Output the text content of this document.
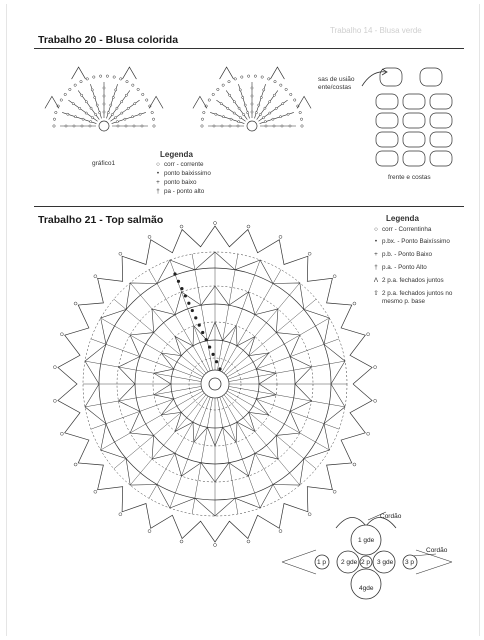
Trabalho 14 - Blusa verde
Trabalho 20 - Blusa colorida
gráfico1
sas de usião ente/costas
frente e costas
Legenda
○ corr - corrente
• ponto baixissimo
+ ponto baixo
† pa - ponto alto
Trabalho 21 - Top salmão	Legenda
○ corr - Correntinha
• p.bx. - Ponto Baixíssimo
+ p.b. - Ponto Baixo
† p.a. - Ponto Alto
Ʌ 2 p.a. fechados juntos
⇧ 2 p.a. fechados juntos no mesmo p. base
Cordão
Cordão
1 gde
2 gde	3 gde
4gde
1 p	2 p	3 p
